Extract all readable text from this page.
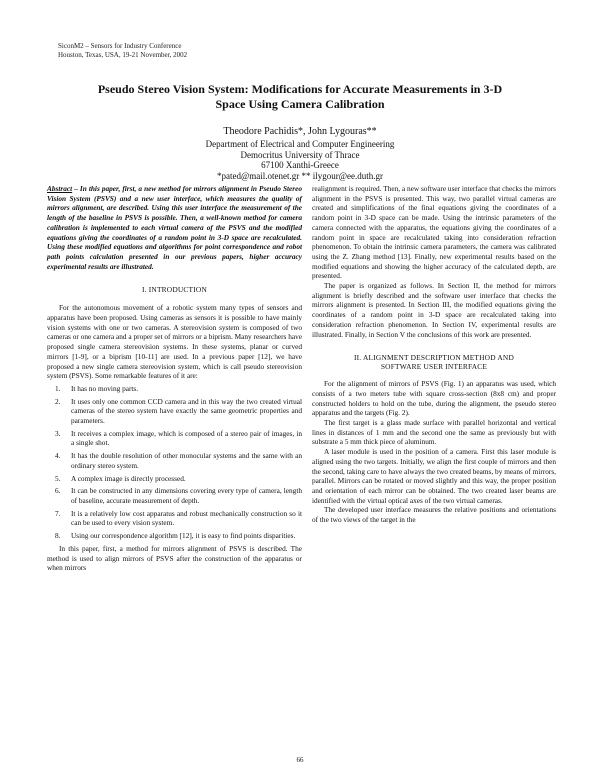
SiconM2 – Sensors for Industry Conference
Houston, Texas, USA, 19-21 November, 2002
Pseudo Stereo Vision System: Modifications for Accurate Measurements in 3-D
Space Using Camera Calibration
Theodore Pachidis*, John Lygouras**
Department of Electrical and Computer Engineering
Democritus University of Thrace
67100 Xanthi-Greece
*pated@mail.otenet.gr ** ilygour@ee.duth.gr

Abstract – In this paper, first, a new method for mirrors alignment in Pseudo Stereo Vision System (PSVS) and a new user interface, which measures the quality of mirrors alignment, are described. Using this user interface the measurement of the length of the baseline in PSVS is possible. Then, a well-known method for camera calibration is implemented to each virtual camera of the PSVS and the modified equations giving the coordinates of a random point in 3-D space are recalculated. Using these modified equations and algorithms for point correspondence and robot path points calculation presented in our previous papers, higher accuracy experimental results are illustrated.

I. INTRODUCTION

For the autonomous movement of a robotic system many types of sensors and apparatus have been proposed. Using cameras as sensors it is possible to have mainly vision systems with one or two cameras. A stereovision system is composed of two cameras or one camera and a proper set of mirrors or a biprism. Many researchers have proposed single camera stereovision systems. In these systems, planar or curved mirrors [1-9], or a biprism [10-11] are used. In a previous paper [12], we have proposed a new single camera stereovision system, which is call pseudo stereovision system (PSVS). Some remarkable features of it are:

1. It has no moving parts.
2. It uses only one common CCD camera and in this way the two created virtual cameras of the stereo system have exactly the same geometric properties and parameters.
3. It receives a complex image, which is composed of a stereo pair of images, in a single shot.
4. It has the double resolution of other monocular systems and the same with an ordinary stereo system.
5. A complex image is directly processed.
6. It can be constructed in any dimensions covering every type of camera, length of baseline, accurate measurement of depth.
7. It is a relatively low cost apparatus and robust mechanically construction so it can be used to every vision system.
8. Using our correspondence algorithm [12], it is easy to find points disparities.

In this paper, first, a method for mirrors alignment of PSVS is described. The method is used to align mirrors of PSVS after the construction of the apparatus or when mirrors

realignment is required. Then, a new software user interface that checks the mirrors alignment in the PSVS is presented. This way, two parallel virtual cameras are created and simplifications of the final equations giving the coordinates of a random point in 3-D space can be made. Using the intrinsic parameters of the camera connected with the apparatus, the equations giving the coordinates of a random point in space are recalculated taking into consideration refraction phenomenon. To obtain the intrinsic camera parameters, the camera was calibrated using the Z. Zhang method [13]. Finally, new experimental results based on the modified equations and showing the higher accuracy of the calculated depth, are presented.

The paper is organized as follows. In Section II, the method for mirrors alignment is briefly described and the software user interface that checks the mirrors alignment is presented. In Section III, the modified equations giving the coordinates of a random point in 3-D space are recalculated taking into consideration refraction phenomenon. In Section IV, experimental results are illustrated. Finally, in Section V the conclusions of this work are presented.

II. ALIGNMENT DESCRIPTION METHOD AND
SOFTWARE USER INTERFACE

For the alignment of mirrors of PSVS (Fig. 1) an apparatus was used, which consists of a two meters tube with square cross-section (8x8 cm) and proper constructed holders to hold on the tube, during the alignment, the pseudo stereo apparatus and the targets (Fig. 2).

The first target is a glass made surface with parallel horizontal and vertical lines in distances of 1 mm and the second one the same as previously but with substrate a 5 mm thick piece of aluminum.

A laser module is used in the position of a camera. First this laser module is aligned using the two targets. Initially, we align the first couple of mirrors and then the second, taking care to have always the two created beams, by means of mirrors, parallel. Mirrors can be rotated or moved slightly and this way, the proper position and orientation of each mirror can be obtained. The two created laser beams are identified with the virtual optical axes of the two virtual cameras.

The developed user interface measures the relative positions and orientations of the two views of the target in the

66
